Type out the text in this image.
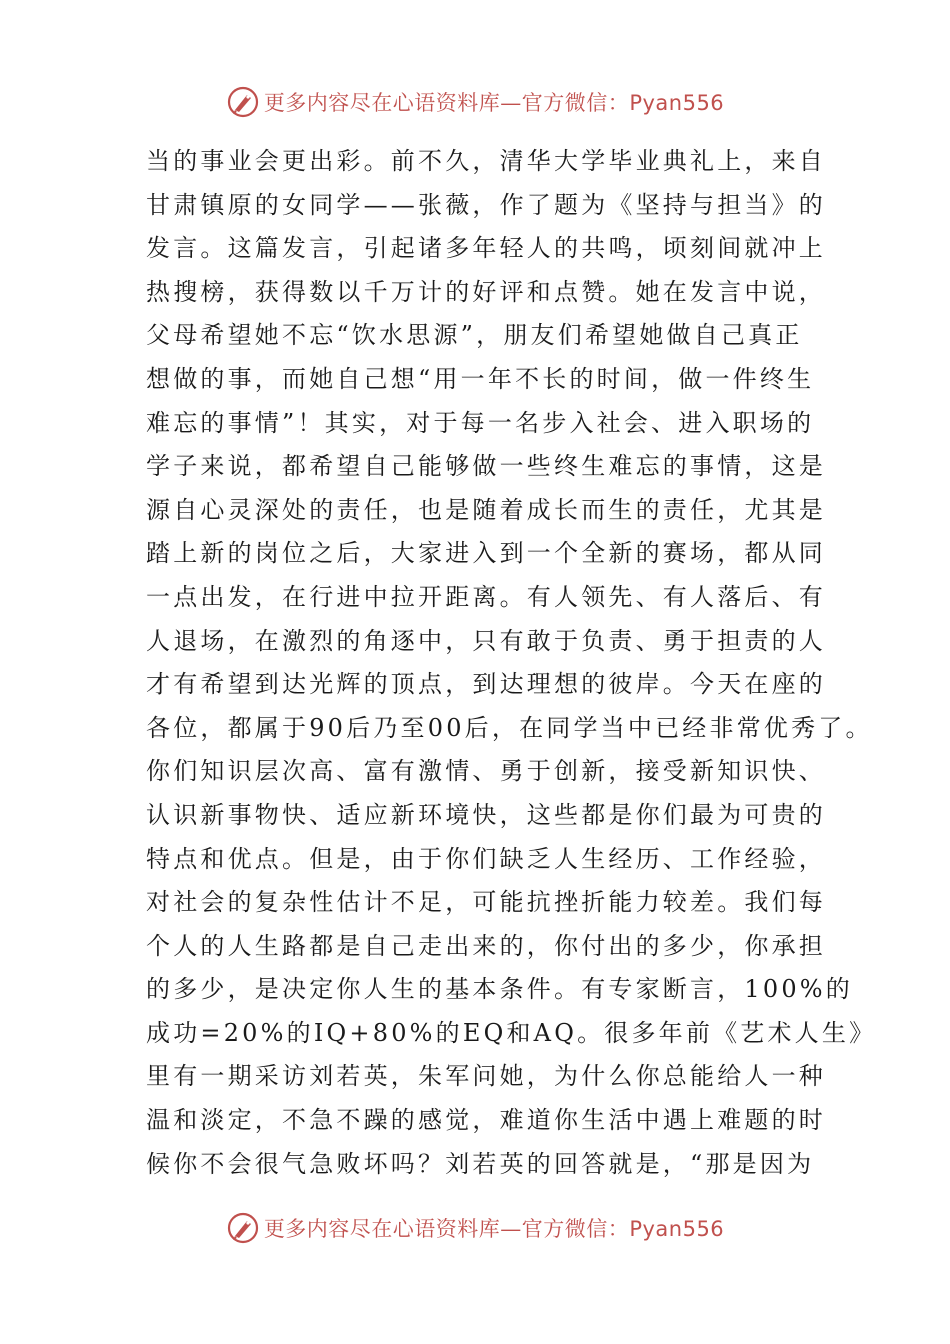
更多内容尽在心语资料库—官方微信：Pyan556
当的事业会更出彩。前不久，清华大学毕业典礼上，来自
甘肃镇原的女同学——张薇，作了题为《坚持与担当》的
发言。这篇发言，引起诸多年轻人的共鸣，顷刻间就冲上
热搜榜，获得数以千万计的好评和点赞。她在发言中说，
父母希望她不忘“饮水思源”，朋友们希望她做自己真正
想做的事，而她自己想“用一年不长的时间，做一件终生
难忘的事情”！其实，对于每一名步入社会、进入职场的
学子来说，都希望自己能够做一些终生难忘的事情，这是
源自心灵深处的责任，也是随着成长而生的责任，尤其是
踏上新的岗位之后，大家进入到一个全新的赛场，都从同
一点出发，在行进中拉开距离。有人领先、有人落后、有
人退场，在激烈的角逐中，只有敢于负责、勇于担责的人
才有希望到达光辉的顶点，到达理想的彼岸。今天在座的
各位，都属于90后乃至00后，在同学当中已经非常优秀了。
你们知识层次高、富有激情、勇于创新，接受新知识快、
认识新事物快、适应新环境快，这些都是你们最为可贵的
特点和优点。但是，由于你们缺乏人生经历、工作经验，
对社会的复杂性估计不足，可能抗挫折能力较差。我们每
个人的人生路都是自己走出来的，你付出的多少，你承担
的多少，是决定你人生的基本条件。有专家断言，100%的
成功=20%的IQ+80%的EQ和AQ。很多年前《艺术人生》
里有一期采访刘若英，朱军问她，为什么你总能给人一种
温和淡定，不急不躁的感觉，难道你生活中遇上难题的时
候你不会很气急败坏吗？刘若英的回答就是，“那是因为
更多内容尽在心语资料库—官方微信：Pyan556
